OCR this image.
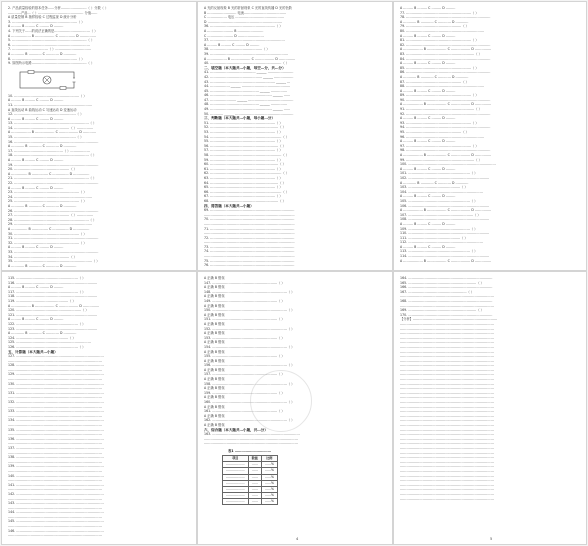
2. 产品质量检验的基本任务……分析……………………（ ）分数（ ）
…………产品…（ ）…………………………………… 分值……
A 质量控制 B 抽样检验 C 过程监视 D 统计分析
3. ……………………………………………………（ ）
A ……… B ……… C ……… D ………
4. 下列关于……的说法正确的是……………………………（ ）
A ……………… B ……………… C …………… D ……………
5. ……………………………………………………………（ ）
6. ………………………………………………………………
7. ……………………………（ ）……………………………
A ………… B ………… C ………… D …………
8. ……………………………………………………（ ）
9. 如图所示电路……………………………………………（ ）
10. ……………………………………………………（ ）
A ……… B ……… C ……… D ………
11. ………………………………………………………………
A 直线运动 B 曲线运动 C 匀速运动 D 变速运动
12. …………………………………………………（ ）
A ……… B ……… C ……… D ………
13. ……………………………………………………………（ ）
14. ……………………………………………（ ）……………
A ……………… B ……………… C ……………… D …………
15. …………………………………………………（ ）
16. ……………………………………………………………………
A ………… B ………… C ………… D …………
17. ………………………………………（ ）………………
18. ……………………………………………………………（ ）
A ……… B ……… C ……… D ………
19. ……………………………………………………………………
20. ……………………………………………（ ）
A …………… B …………… C …………… D ……………
21. ……………………………………………………………（ ）
22. ……………………………………………………………………
A ……… B ……… C ……… D ………
23. ……………………………………………………（ ）
24. ………………………………………………………………
25. ……………………………………………………（ ）
A ………… B ………… C ………… D …………
26. ……………………………………………………………………
27. ……………………………………………（ ）……………
28. ……………………………………………………………（ ）
29. ………………………………………………………………
A …………… B …………… C …………… D ……………
30. ……………………………………………………（ ）
31. ……………………………………………………………………
32. ……………………………………………………（ ）
A ……… B ……… C ……… D ………
33. ……………………………………………………………………
34. ……………………………………………（ ）
35. ………………………………………………………………（ ）
A ………… B ………… C ………… D …………
A 光的反射现象 B 光的折射现象 C 光的直线传播 D 光的色散
B ……………………… 电流…………………………………
C ……………… 电压 ………………………………………
D ……………………………………………………………
36. ……………………………………………………（ ）
A …………………… B ……………………
C …………………… D ……………………
37. ……………………………………………………………
A ……… B ……… C ……… D ………
38. …………………………………………（ ）
39. ………………………………………………………………
A ……………… B ……………… C ……………… D ……………
40. …………………………………………………………（ ）
二、填空题（本大题共…小题，每空…分，共…分）
41. …………………………………… ______ ……………………
42. ………………………………………… ______ ………………
43. …………………………………………………… ______ …
44. ……………… ______ ………………………………………
45. ……………………………………… ______ ……………
46. ………………………………………………… ______ ……
47. …………………… ______ ……………………………………
48. ……………………………………… ______ ……………
49. ………………………………………………… ______ ……
50. ………… ______ ………………………………………………
三、判断题（本大题共…小题，每小题…分）
51. ……………………………………………………（ ）
52. ………………………………………………………（ ）
53. ……………………………………………………（ ）
54. …………………………………………………………（ ）
55. ……………………………………………………（ ）
56. ………………………………………………………（ ）
57. ……………………………………………………（ ）
58. …………………………………………………………（ ）
59. ……………………………………………………（ ）
60. ………………………………………………………（ ）
61. ……………………………………………………（ ）
62. …………………………………………………………（ ）
63. ……………………………………………………（ ）
64. ………………………………………………………（ ）
65. ……………………………………………………（ ）
66. …………………………………………………………（ ）
67. ……………………………………………………（ ）
68. ………………………………………………………（ ）
四、简答题（本大题共…小题）
69. ……………………………………………………………………
…………………………………………………………………………
70. ……………………………………………………………………
…………………………………………………………………………
71. ……………………………………………………………………
…………………………………………………………………………
72. ……………………………………………………………………
…………………………………………………………………………
73. ……………………………………………………………………
74. ……………………………………………………………………
…………………………………………………………………………
75. ……………………………………………………………………
76. ……………………………………………………………………
A ……… B ……… C ……… D ………
77. ……………………………………………………（ ）
78. ……………………………………………………………………
A ………… B ………… C ………… D …………
79. ……………………………………………（ ）
80. ………………………………………………………………
A ……… B ……… C ……… D ………
81. ……………………………………………………（ ）
82. ……………………………………………………………………
A ……………… B ……………… C ……………… D ……………
83. ………………………………………………………（ ）
84. ……………………………………………………………………
A ……… B ……… C ……… D ………
85. ……………………………………………………（ ）
86. ……………………………………………………………………
A ………… B ………… C ………… D …………
87. ……………………………………………（ ）
88. ………………………………………………………………
A ……… B ……… C ……… D ………
89. ……………………………………………………（ ）
90. ……………………………………………………………………
A ……………… B ……………… C ……………… D ……………
91. ………………………………………………………（ ）
92. ……………………………………………………………………
A ……… B ……… C ……… D ………
93. ……………………………………………………（ ）
94. ……………………………………………………………………
95. ……………………………………………（ ）
96. ………………………………………………………………
A ……… B ……… C ……… D ………
97. ……………………………………………………（ ）
98. ……………………………………………………………………
A ……………… B ……………… C ……………… D ……………
99. ………………………………………………………（ ）
100. ………………………………………………………………………
A ……… B ……… C ……… D ………
101. …………………………………………………（ ）
102. …………………………………………………………………
A ………… B ………… C ………… D …………
103. …………………………………………（ ）
104. ……………………………………………………………
A ……… B ……… C ……… D ………
105. …………………………………………………（ ）
106. …………………………………………………………………
A ……………… B ……………… C ……………… D ……………
107. ……………………………………………………（ ）
108. …………………………………………………………………
A ……… B ……… C ……… D ………
109. …………………………………………………（ ）
110. …………………………………………………………………
111. …………………………………………（ ）
112. ……………………………………………………………
A ……… B ……… C ……… D ………
113. …………………………………………………（ ）
114. …………………………………………………………………
A ……………… B ……………… C ……………… D ……………
115. …………………………………………………（ ）
116. …………………………………………………………………
A ……… B ……… C ……… D ………
117. …………………………………………………（ ）
118. …………………………………………………………………
119. …………………………………………（ ）
A ……………… B ……………… C ……………… D ……………
120. ……………………………………………………（ ）
121. …………………………………………………………………
A ……… B ……… C ……… D ………
122. …………………………………………………（ ）
123. …………………………………………………………………
A ………… B ………… C ………… D …………
124. …………………………………………（ ）
125. ……………………………………………………………
126. …………………………………………………（ ）
五、计算题（本大题共…小题）
127. ………………………………………………………………………
……………………………………………………………………………
128. ………………………………………………………………………
……………………………………………………………………………
129. ………………………………………………………………………
……………………………………………………………………………
130. ………………………………………………………………………
……………………………………………………………………………
131. ………………………………………………………………………
……………………………………………………………………………
132. ………………………………………………………………………
……………………………………………………………………………
133. ………………………………………………………………………
……………………………………………………………………………
134. ………………………………………………………………………
……………………………………………………………………………
135. ………………………………………………………………………
……………………………………………………………………………
136. ………………………………………………………………………
……………………………………………………………………………
137. ………………………………………………………………………
……………………………………………………………………………
138. ………………………………………………………………………
……………………………………………………………………………
139. ………………………………………………………………………
……………………………………………………………………………
140. ………………………………………………………………………
……………………………………………………………………………
141. ………………………………………………………………………
……………………………………………………………………………
142. ………………………………………………………………………
……………………………………………………………………………
143. ………………………………………………………………………
……………………………………………………………………………
144. ………………………………………………………………………
……………………………………………………………………………
145. ………………………………………………………………………
……………………………………………………………………………
146. ………………………………………………………………………
……………………………………………………………………………
A 正确 B 错误
147. ……………………………………………………（ ）
A 正确 B 错误
148. ……………………………………………………………（ ）
A 正确 B 错误
149. ……………………………………………………（ ）
A 正确 B 错误
150. ……………………………………………………………（ ）
A 正确 B 错误
151. ……………………………………………………（ ）
A 正确 B 错误
152. ……………………………………………………………（ ）
A 正确 B 错误
153. ……………………………………………………（ ）
A 正确 B 错误
154. ……………………………………………………………（ ）
A 正确 B 错误
155. ……………………………………………………（ ）
A 正确 B 错误
156. ……………………………………………………………（ ）
A 正确 B 错误
157. ……………………………………………………（ ）
A 正确 B 错误
158. ……………………………………………………………（ ）
A 正确 B 错误
159. ……………………………………………………（ ）
A 正确 B 错误
160. ……………………………………………………………（ ）
A 正确 B 错误
161. ……………………………………………………（ ）
A 正确 B 错误
162. ……………………………………………………………（ ）
A 正确 B 错误
六、综合题（本大题共…小题，共…分）
163. ………………………………………………………………………
……………………………………………………………………………
……………………………………………………………………………
表1 ……………………………
项目	数值	比例
………………	……	……%
………………	……	……%
………………	……	……%
………………	……	……%
………………	……	……%
………………	……	……%
………………	……	……%
4
164. ……………………………………………………………………
165. ………………………………………………………（ ）
166. ……………………………………………………………………
167. ………………………………………………（ ）
……………………………………………………………………………
168. ……………………………………………………………………
……………………………………………………………………………
169. ………………………………………………………（ ）
170. ……………………………………………………………………
【分析】……………………………………………………………………
……………………………………………………………………………
……………………………………………………………………………
……………………………………………………………………………
……………………………………………………………………………
……………………………………………………………………………
……………………………………………………………………………
……………………………………………………………………………
……………………………………………………………………………
……………………………………………………………………………
……………………………………………………………………………
……………………………………………………………………………
……………………………………………………………………………
……………………………………………………………………………
……………………………………………………………………………
……………………………………………………………………………
……………………………………………………………………………
……………………………………………………………………………
……………………………………………………………………………
……………………………………………………………………………
……………………………………………………………………………
……………………………………………………………………………
……………………………………………………………………………
……………………………………………………………………………
……………………………………………………………………………
……………………………………………………………………………
……………………………………………………………………………
……………………………………………………………………………
……………………………………………………………………………
……………………………………………………………………………
……………………………………………………………………………
……………………………………………………………………………
……………………………………………………………………………
……………………………………………………………………………
……………………………………………………………………………
……………………………………………………………………………
……………………………………………………………………………
……………………………………………………………………………
……………………………………………………………………………
……………………………………………………………………………
5
